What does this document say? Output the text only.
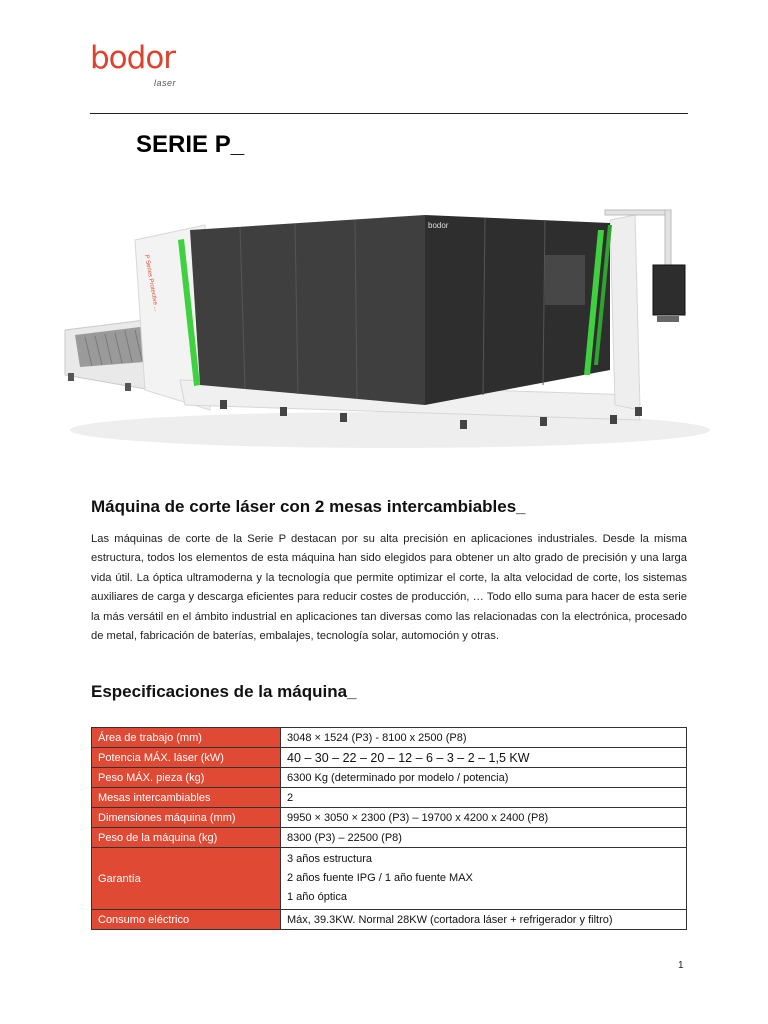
bodor
laser
SERIE P_
bodor
P Series Protective ...
Máquina de corte láser con 2 mesas intercambiables_

Las máquinas de corte de la Serie P destacan por su alta precisión en aplicaciones industriales. Desde la misma estructura, todos los elementos de esta máquina han sido elegidos para obtener un alto grado de precisión y una larga vida útil. La óptica ultramoderna y la tecnología que permite optimizar el corte, la alta velocidad de corte, los sistemas auxiliares de carga y descarga eficientes para reducir costes de producción, … Todo ello suma para hacer de esta serie la más versátil en el ámbito industrial en aplicaciones tan diversas como las relacionadas con la electrónica, procesado de metal, fabricación de baterías, embalajes, tecnología solar, automoción y otras.

Especificaciones de la máquina_
Área de trabajo (mm)	3048 × 1524 (P3) - 8100 x 2500 (P8)
Potencia MÁX. láser (kW)	40 – 30 – 22 – 20 – 12 – 6 – 3 – 2 – 1,5 KW
Peso MÁX. pieza (kg)	6300 Kg (determinado por modelo / potencia)
Mesas intercambiables	2
Dimensiones máquina (mm)	9950 × 3050 × 2300 (P3) – 19700 x 4200 x 2400 (P8)
Peso de la máquina (kg)	8300 (P3) – 22500 (P8)
Garantía	3 años estructura
2 años fuente IPG / 1 año fuente MAX
1 año óptica

Consumo eléctrico	Máx, 39.3KW. Normal 28KW (cortadora láser + refrigerador y filtro)
1
